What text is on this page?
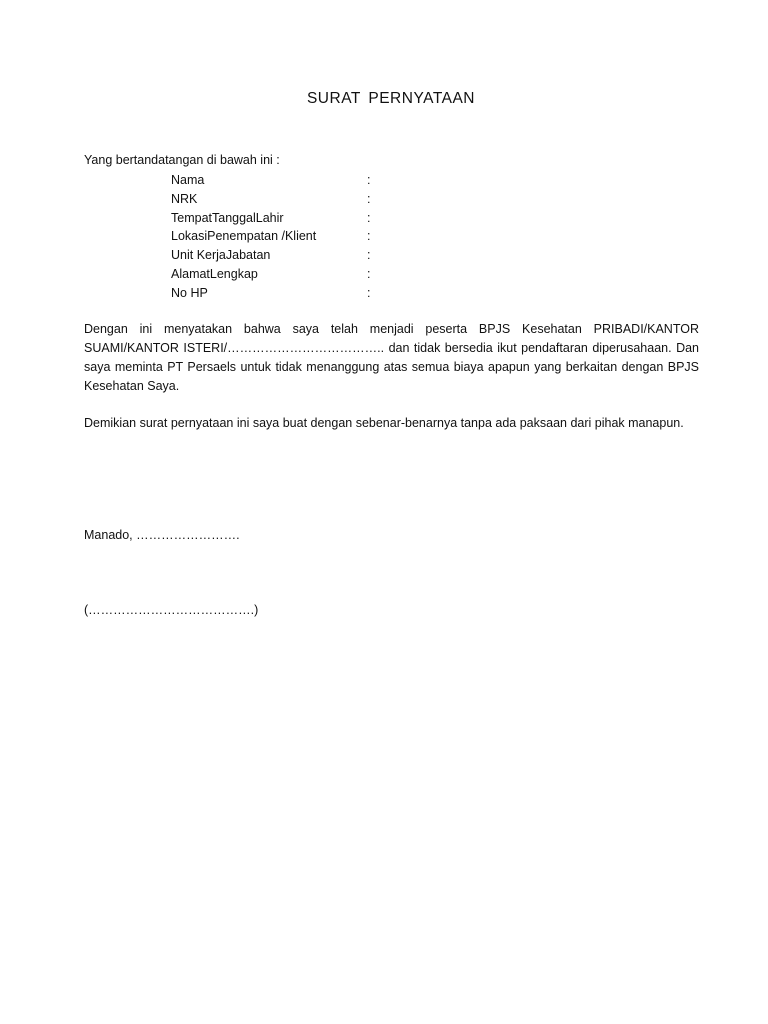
SURAT PERNYATAAN
Yang bertandatangan di bawah ini :
Nama	:
NRK	:
TempatTanggalLahir	:
LokasiPenempatan /Klient	:
Unit KerjaJabatan	:
AlamatLengkap	:
No HP	:

Dengan ini menyatakan bahwa saya telah menjadi peserta BPJS Kesehatan PRIBADI/KANTOR SUAMI/KANTOR ISTERI/……………………………….. dan tidak bersedia ikut pendaftaran diperusahaan. Dan saya meminta PT Persaels untuk tidak menanggung atas semua biaya apapun yang berkaitan dengan BPJS Kesehatan Saya.

Demikian surat pernyataan ini saya buat dengan sebenar-benarnya tanpa ada paksaan dari pihak manapun.

Manado, …………………….
(………………………………….)
